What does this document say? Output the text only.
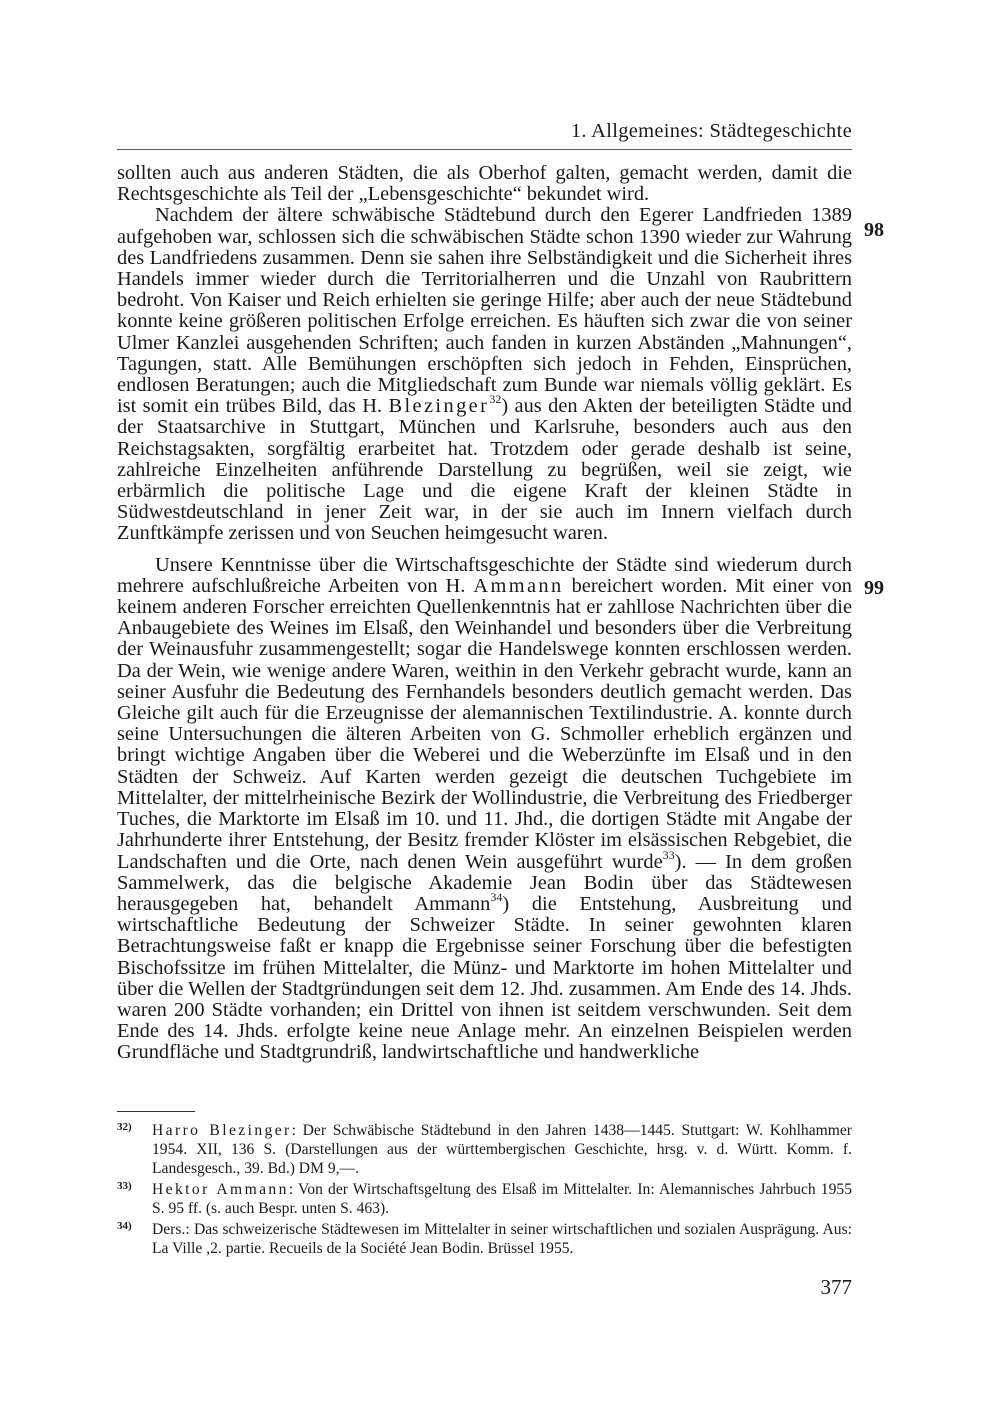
1. Allgemeines: Städtegeschichte
98
99

sollten auch aus anderen Städten, die als Oberhof galten, gemacht werden, damit die Rechtsgeschichte als Teil der „Lebensgeschichte“ bekundet wird.

Nachdem der ältere schwäbische Städtebund durch den Egerer Landfrieden 1389 aufgehoben war, schlossen sich die schwäbischen Städte schon 1390 wieder zur Wahrung des Landfriedens zusammen. Denn sie sahen ihre Selbständigkeit und die Sicherheit ihres Handels immer wieder durch die Territorialherren und die Unzahl von Raubrittern bedroht. Von Kaiser und Reich erhielten sie geringe Hilfe; aber auch der neue Städtebund konnte keine größeren politischen Erfolge erreichen. Es häuften sich zwar die von seiner Ulmer Kanzlei ausgehenden Schriften; auch fanden in kurzen Abständen „Mahnungen“, Tagungen, statt. Alle Bemühungen erschöpften sich jedoch in Fehden, Einsprüchen, endlosen Beratungen; auch die Mitgliedschaft zum Bunde war niemals völlig geklärt. Es ist somit ein trübes Bild, das H. Blezinger$^{32}$) aus den Akten der beteiligten Städte und der Staatsarchive in Stuttgart, München und Karlsruhe, besonders auch aus den Reichstagsakten, sorgfältig erarbeitet hat. Trotzdem oder gerade deshalb ist seine, zahlreiche Einzelheiten anführende Darstellung zu begrüßen, weil sie zeigt, wie erbärmlich die politische Lage und die eigene Kraft der kleinen Städte in Südwestdeutschland in jener Zeit war, in der sie auch im Innern vielfach durch Zunftkämpfe zerissen und von Seuchen heimgesucht waren.

Unsere Kenntnisse über die Wirtschaftsgeschichte der Städte sind wiederum durch mehrere aufschlußreiche Arbeiten von H. Ammann bereichert worden. Mit einer von keinem anderen Forscher erreichten Quellenkenntnis hat er zahllose Nachrichten über die Anbaugebiete des Weines im Elsaß, den Weinhandel und besonders über die Verbreitung der Weinausfuhr zusammengestellt; sogar die Handelswege konnten erschlossen werden. Da der Wein, wie wenige andere Waren, weithin in den Verkehr gebracht wurde, kann an seiner Ausfuhr die Bedeutung des Fernhandels besonders deutlich gemacht werden. Das Gleiche gilt auch für die Erzeugnisse der alemannischen Textilindustrie. A. konnte durch seine Untersuchungen die älteren Arbeiten von G. Schmoller erheblich ergänzen und bringt wichtige Angaben über die Weberei und die Weberzünfte im Elsaß und in den Städten der Schweiz. Auf Karten werden gezeigt die deutschen Tuchgebiete im Mittelalter, der mittelrheinische Bezirk der Wollindustrie, die Verbreitung des Friedberger Tuches, die Marktorte im Elsaß im 10. und 11. Jhd., die dortigen Städte mit Angabe der Jahrhunderte ihrer Entstehung, der Besitz fremder Klöster im elsässischen Rebgebiet, die Landschaften und die Orte, nach denen Wein ausgeführt wurde$^{33}$). — In dem großen Sammelwerk, das die belgische Akademie Jean Bodin über das Städtewesen herausgegeben hat, behandelt Ammann$^{34}$) die Entstehung, Ausbreitung und wirtschaftliche Bedeutung der Schweizer Städte. In seiner gewohnten klaren Betrachtungsweise faßt er knapp die Ergebnisse seiner Forschung über die befestigten Bischofssitze im frühen Mittelalter, die Münz- und Marktorte im hohen Mittelalter und über die Wellen der Stadtgründungen seit dem 12. Jhd. zusammen. Am Ende des 14. Jhds. waren 200 Städte vorhanden; ein Drittel von ihnen ist seitdem verschwunden. Seit dem Ende des 14. Jhds. erfolgte keine neue Anlage mehr. An einzelnen Beispielen werden Grundfläche und Stadtgrundriß, landwirtschaftliche und handwerkliche

32) Harro Blezinger: Der Schwäbische Städtebund in den Jahren 1438—1445. Stuttgart: W. Kohlhammer 1954. XII, 136 S. (Darstellungen aus der württembergischen Geschichte, hrsg. v. d. Württ. Komm. f. Landesgesch., 39. Bd.) DM 9,—.
33) Hektor Ammann: Von der Wirtschaftsgeltung des Elsaß im Mittelalter. In: Alemannisches Jahrbuch 1955 S. 95 ff. (s. auch Bespr. unten S. 463).
34) Ders.: Das schweizerische Städtewesen im Mittelalter in seiner wirtschaftlichen und sozialen Ausprägung. Aus: La Ville ,2. partie. Recueils de la Société Jean Bodin. Brüssel 1955.
377
